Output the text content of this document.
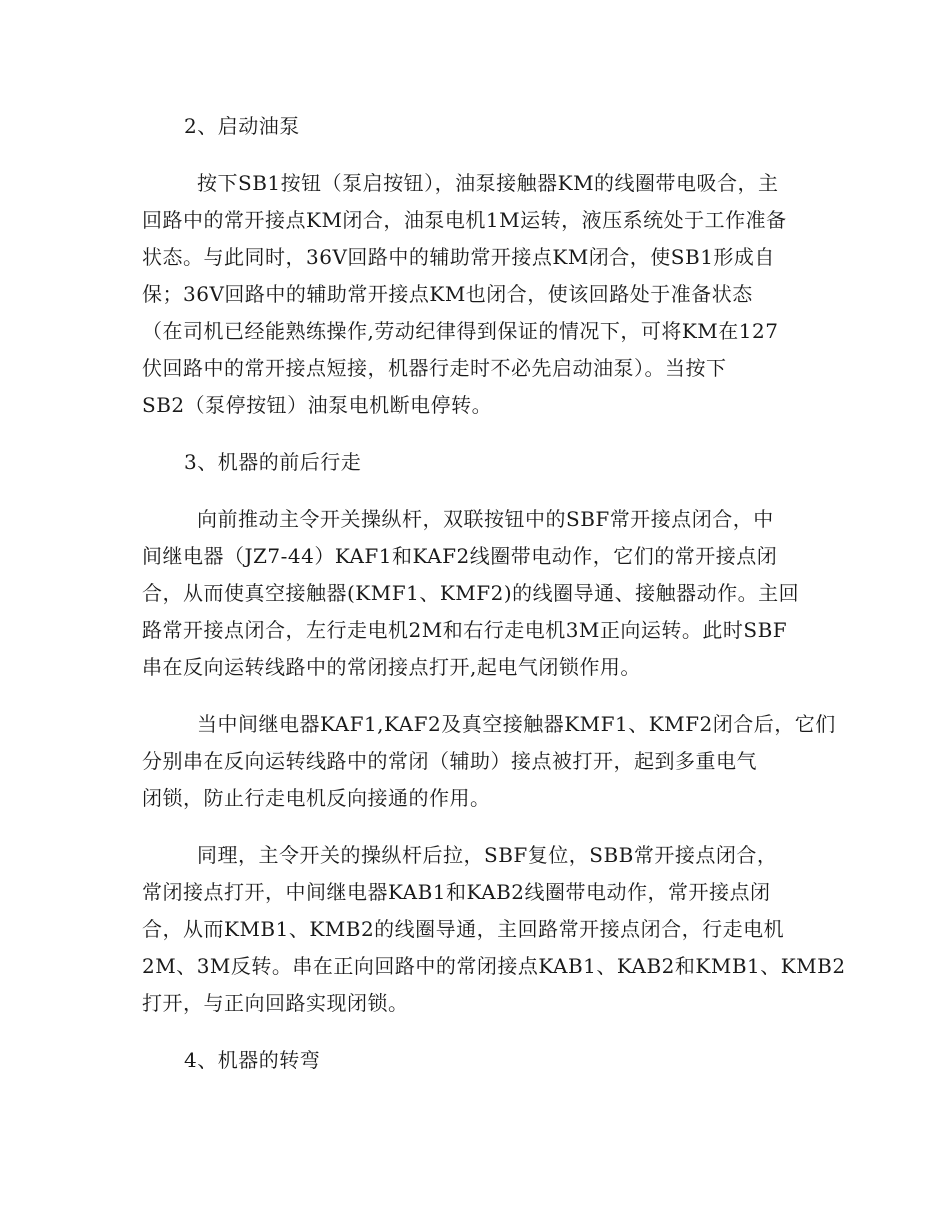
2、启动油泵

按下SB1按钮（泵启按钮），油泵接触器KM的线圈带电吸合，主
回路中的常开接点KM闭合，油泵电机1M运转，液压系统处于工作准备
状态。与此同时，36V回路中的辅助常开接点KM闭合，使SB1形成自
保；36V回路中的辅助常开接点KM也闭合，使该回路处于准备状态
（在司机已经能熟练操作,劳动纪律得到保证的情况下，可将KM在127
伏回路中的常开接点短接，机器行走时不必先启动油泵）。当按下
SB2（泵停按钮）油泵电机断电停转。

3、机器的前后行走

向前推动主令开关操纵杆，双联按钮中的SBF常开接点闭合，中
间继电器（JZ7-44）KAF1和KAF2线圈带电动作，它们的常开接点闭
合，从而使真空接触器(KMF1、KMF2)的线圈导通、接触器动作。主回
路常开接点闭合，左行走电机2M和右行走电机3M正向运转。此时SBF
串在反向运转线路中的常闭接点打开,起电气闭锁作用。

当中间继电器KAF1,KAF2及真空接触器KMF1、KMF2闭合后，它们
分别串在反向运转线路中的常闭（辅助）接点被打开，起到多重电气
闭锁，防止行走电机反向接通的作用。

同理，主令开关的操纵杆后拉，SBF复位，SBB常开接点闭合，
常闭接点打开，中间继电器KAB1和KAB2线圈带电动作，常开接点闭
合，从而KMB1、KMB2的线圈导通，主回路常开接点闭合，行走电机
2M、3M反转。串在正向回路中的常闭接点KAB1、KAB2和KMB1、KMB2
打开，与正向回路实现闭锁。

4、机器的转弯
